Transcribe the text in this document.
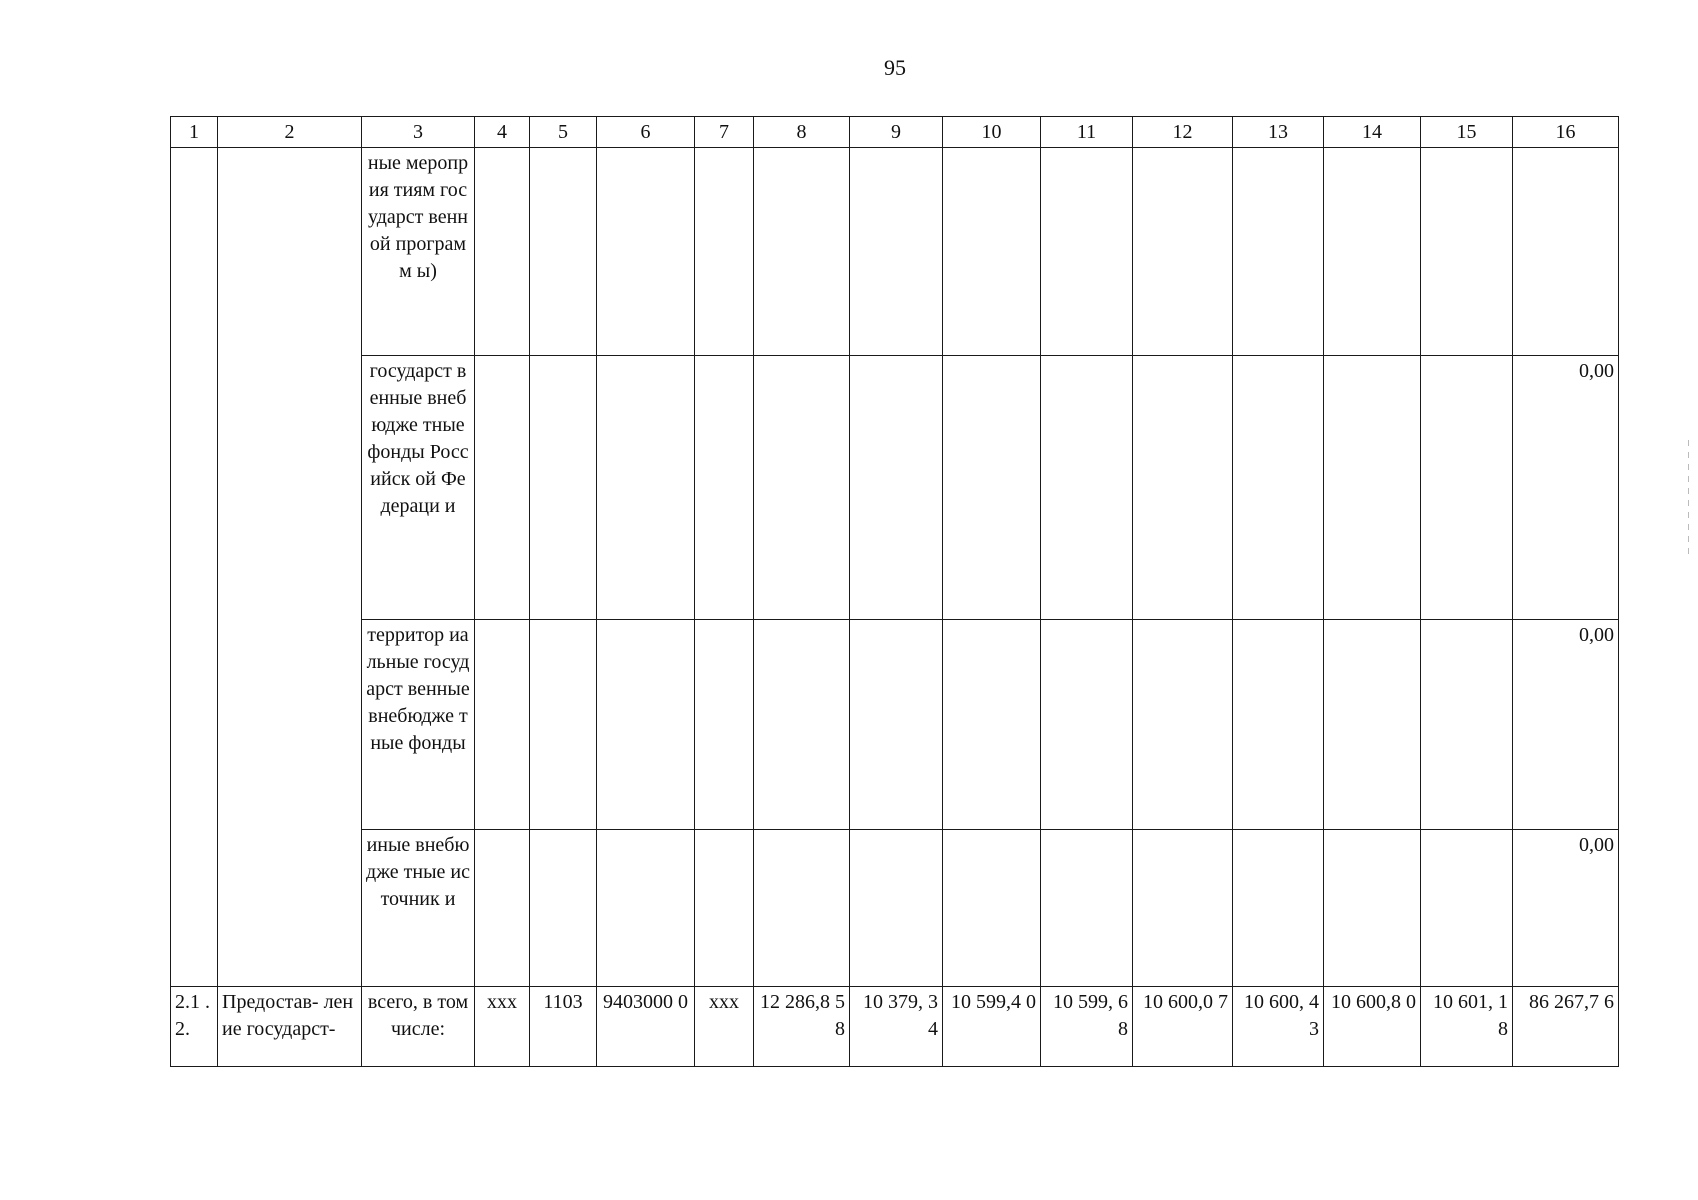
95
1	2	3	4	5	6	7	8	9	10	11	12	13	14	15	16
		ные мероприя тиям государст венной программ ы)													
		государст венные внебюдже тные фонды Российск ой Федераци и													0,00
		территор иальные государст венные внебюдже тные фонды													0,00
		иные внебюдже тные источник и													0,00
2.1 .2.	Предостав- ление государст-	всего, в том числе:	ххх	1103	9403000 0	ххх	12 286,8 58	10 379, 34	10 599,4 0	10 599, 68	10 600,0 7	10 600, 43	10 600,8 0	10 601, 18	86 267,7 6
